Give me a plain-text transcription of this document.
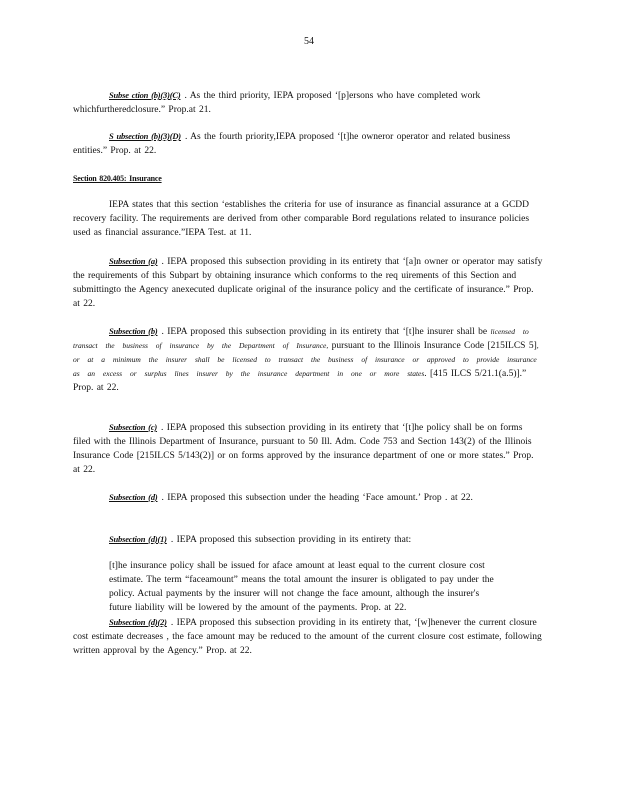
54

Subse ction (b)(3)(C) . As the third priority, IEPA proposed ‘[p]ersons who have completed work whichfurtheredclosure.” Prop.at 21.

S ubsection (b)(3)(D) . As the fourth priority,IEPA proposed ‘[t]he owneror operator and related business entities.” Prop. at 22.

Section 820.405: Insurance

IEPA states that this section ‘establishes the criteria for use of insurance as financial assurance at a GCDD recovery facility. The requirements are derived from other comparable Bord regulations related to insurance policies used as financial assurance.”IEPA Test. at 11.

Subsection (a) . IEPA proposed this subsection providing in its entirety that ‘[a]n owner or operator may satisfy the requirements of this Subpart by obtaining insurance which conforms to the req uirements of this Section and submittingto the Agency anexecuted duplicate original of the insurance policy and the certificate of insurance.” Prop. at 22.

Subsection (b) . IEPA proposed this subsection providing in its entirety that ‘[t]he insurer shall be licensed to transact the business of insurance by the Department of Insurance, pursuant to the Illinois Insurance Code [215ILCS 5], or at a minimum the insurer shall be licensed to transact the business of insurance or approved to provide insurance as an excess or surplus lines insurer by the insurance department in one or more states. [415 ILCS 5/21.1(a.5)].” Prop. at 22.

Subsection (c) . IEPA proposed this subsection providing in its entirety that ‘[t]he policy shall be on forms filed with the Illinois Department of Insurance, pursuant to 50 Ill. Adm. Code 753 and Section 143(2) of the Illinois Insurance Code [215ILCS 5/143(2)] or on forms approved by the insurance department of one or more states.” Prop. at 22.

Subsection (d) . IEPA proposed this subsection under the heading ‘Face amount.’ Prop . at 22.

Subsection (d)(1) . IEPA proposed this subsection providing in its entirety that:

[t]he insurance policy shall be issued for aface amount at least equal to the current closure cost estimate. The term “faceamount” means the total amount the insurer is obligated to pay under the policy. Actual payments by the insurer will not change the face amount, although the insurer's future liability will be lowered by the amount of the payments. Prop. at 22.

Subsection (d)(2) . IEPA proposed this subsection providing in its entirety that, ‘[w]henever the current closure cost estimate decreases , the face amount may be reduced to the amount of the current closure cost estimate, following written approval by the Agency.” Prop. at 22.
